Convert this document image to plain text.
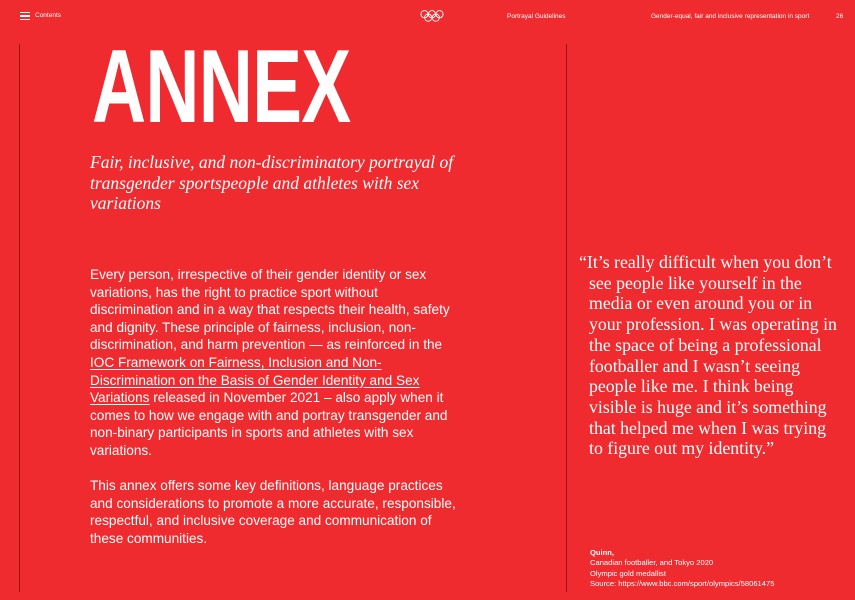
Contents	Portrayal Guidelines	Gender-equal, fair and inclusive representation in sport	26
ANNEX

Fair, inclusive, and non-discriminatory portrayal of transgender sportspeople and athletes with sex variations

Every person, irrespective of their gender identity or sex variations, has the right to practice sport without discrimination and in a way that respects their health, safety and dignity. These principle of fairness, inclusion, non-discrimination, and harm prevention — as reinforced in the IOC Framework on Fairness, Inclusion and Non-Discrimination on the Basis of Gender Identity and Sex Variations released in November 2021 – also apply when it comes to how we engage with and portray transgender and non-binary participants in sports and athletes with sex variations.

This annex offers some key definitions, language practices and considerations to promote a more accurate, responsible, respectful, and inclusive coverage and communication of these communities.

“It’s really difficult when you don’t see people like yourself in the media or even around you or in your profession. I was operating in the space of being a professional footballer and I wasn’t seeing people like me. I think being visible is huge and it’s something that helped me when I was trying to figure out my identity.”
Quinn,
Canadian footballer, and Tokyo 2020
Olympic gold medallist
Source: https://www.bbc.com/sport/olympics/58061475
